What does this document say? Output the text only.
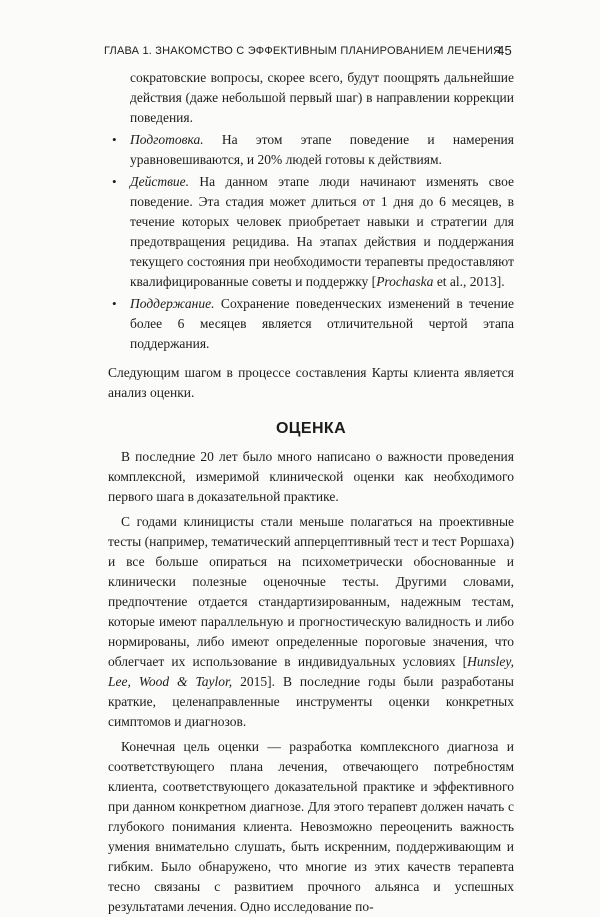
ГЛАВА 1. ЗНАКОМСТВО С ЭФФЕКТИВНЫМ ПЛАНИРОВАНИЕМ ЛЕЧЕНИЯ
45

сократовские вопросы, скорее всего, будут поощрять дальнейшие действия (даже небольшой первый шаг) в направлении коррекции поведения.

• Подготовка. На этом этапе поведение и намерения уравновешиваются, и 20% людей готовы к действиям.
• Действие. На данном этапе люди начинают изменять свое поведение. Эта стадия может длиться от 1 дня до 6 месяцев, в течение которых человек приобретает навыки и стратегии для предотвращения рецидива. На этапах действия и поддержания текущего состояния при необходимости терапевты предоставляют квалифицированные советы и поддержку [Prochaska et al., 2013].
• Поддержание. Сохранение поведенческих изменений в течение более 6 месяцев является отличительной чертой этапа поддержания.

Следующим шагом в процессе составления Карты клиента является анализ оценки.

ОЦЕНКА

В последние 20 лет было много написано о важности проведения комплексной, измеримой клинической оценки как необходимого первого шага в доказательной практике.

С годами клиницисты стали меньше полагаться на проективные тесты (например, тематический апперцептивный тест и тест Роршаха) и все больше опираться на психометрически обоснованные и клинически полезные оценочные тесты. Другими словами, предпочтение отдается стандартизированным, надежным тестам, которые имеют параллельную и прогностическую валидность и либо нормированы, либо имеют определенные пороговые значения, что облегчает их использование в индивидуальных условиях [Hunsley, Lee, Wood & Taylor, 2015]. В последние годы были разработаны краткие, целенаправленные инструменты оценки конкретных симптомов и диагнозов.

Конечная цель оценки — разработка комплексного диагноза и соответствующего плана лечения, отвечающего потребностям клиента, соответствующего доказательной практике и эффективного при данном конкретном диагнозе. Для этого терапевт должен начать с глубокого понимания клиента. Невозможно переоценить важность умения внимательно слушать, быть искренним, поддерживающим и гибким. Было обнаружено, что многие из этих качеств терапевта тесно связаны с развитием прочного альянса и успешных результатами лечения. Одно исследование по-
